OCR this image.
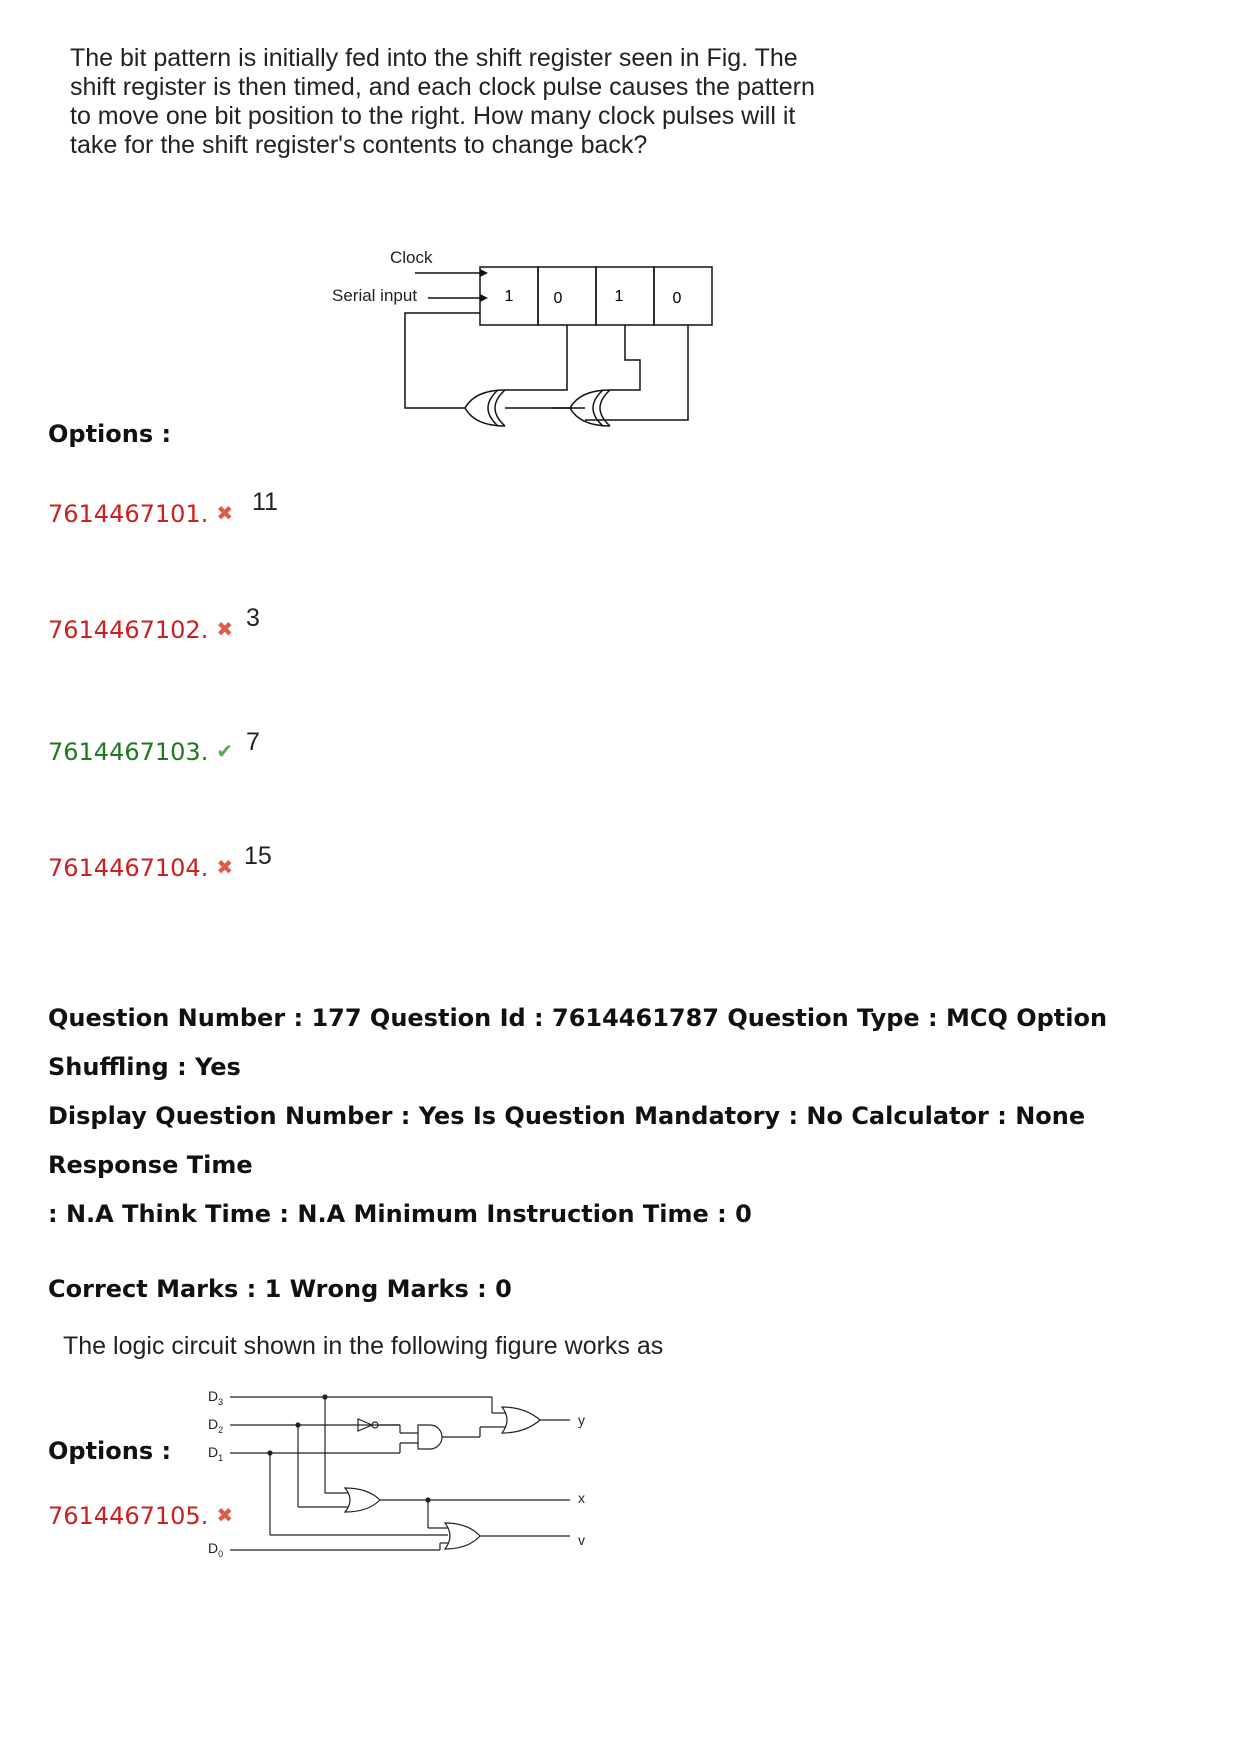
The bit pattern is initially fed into the shift register seen in Fig. The
shift register is then timed, and each clock pulse causes the pattern
to move one bit position to the right. How many clock pulses will it
take for the shift register's contents to change back?
Clock
Serial input	1	0	1	0
Options :
7614467101. ✖ 11
7614467102. ✖ 3
7614467103. ✔ 7
7614467104. ✖ 15
Question Number : 177 Question Id : 7614461787 Question Type : MCQ Option Shuffling : Yes
Display Question Number : Yes Is Question Mandatory : No Calculator : None Response Time
: N.A Think Time : N.A Minimum Instruction Time : 0
Correct Marks : 1 Wrong Marks : 0
The logic circuit shown in the following figure works as
$D_3$
$D_2$
$D_1$
$D_0$
y
x
v
Options :
7614467105. ✖
